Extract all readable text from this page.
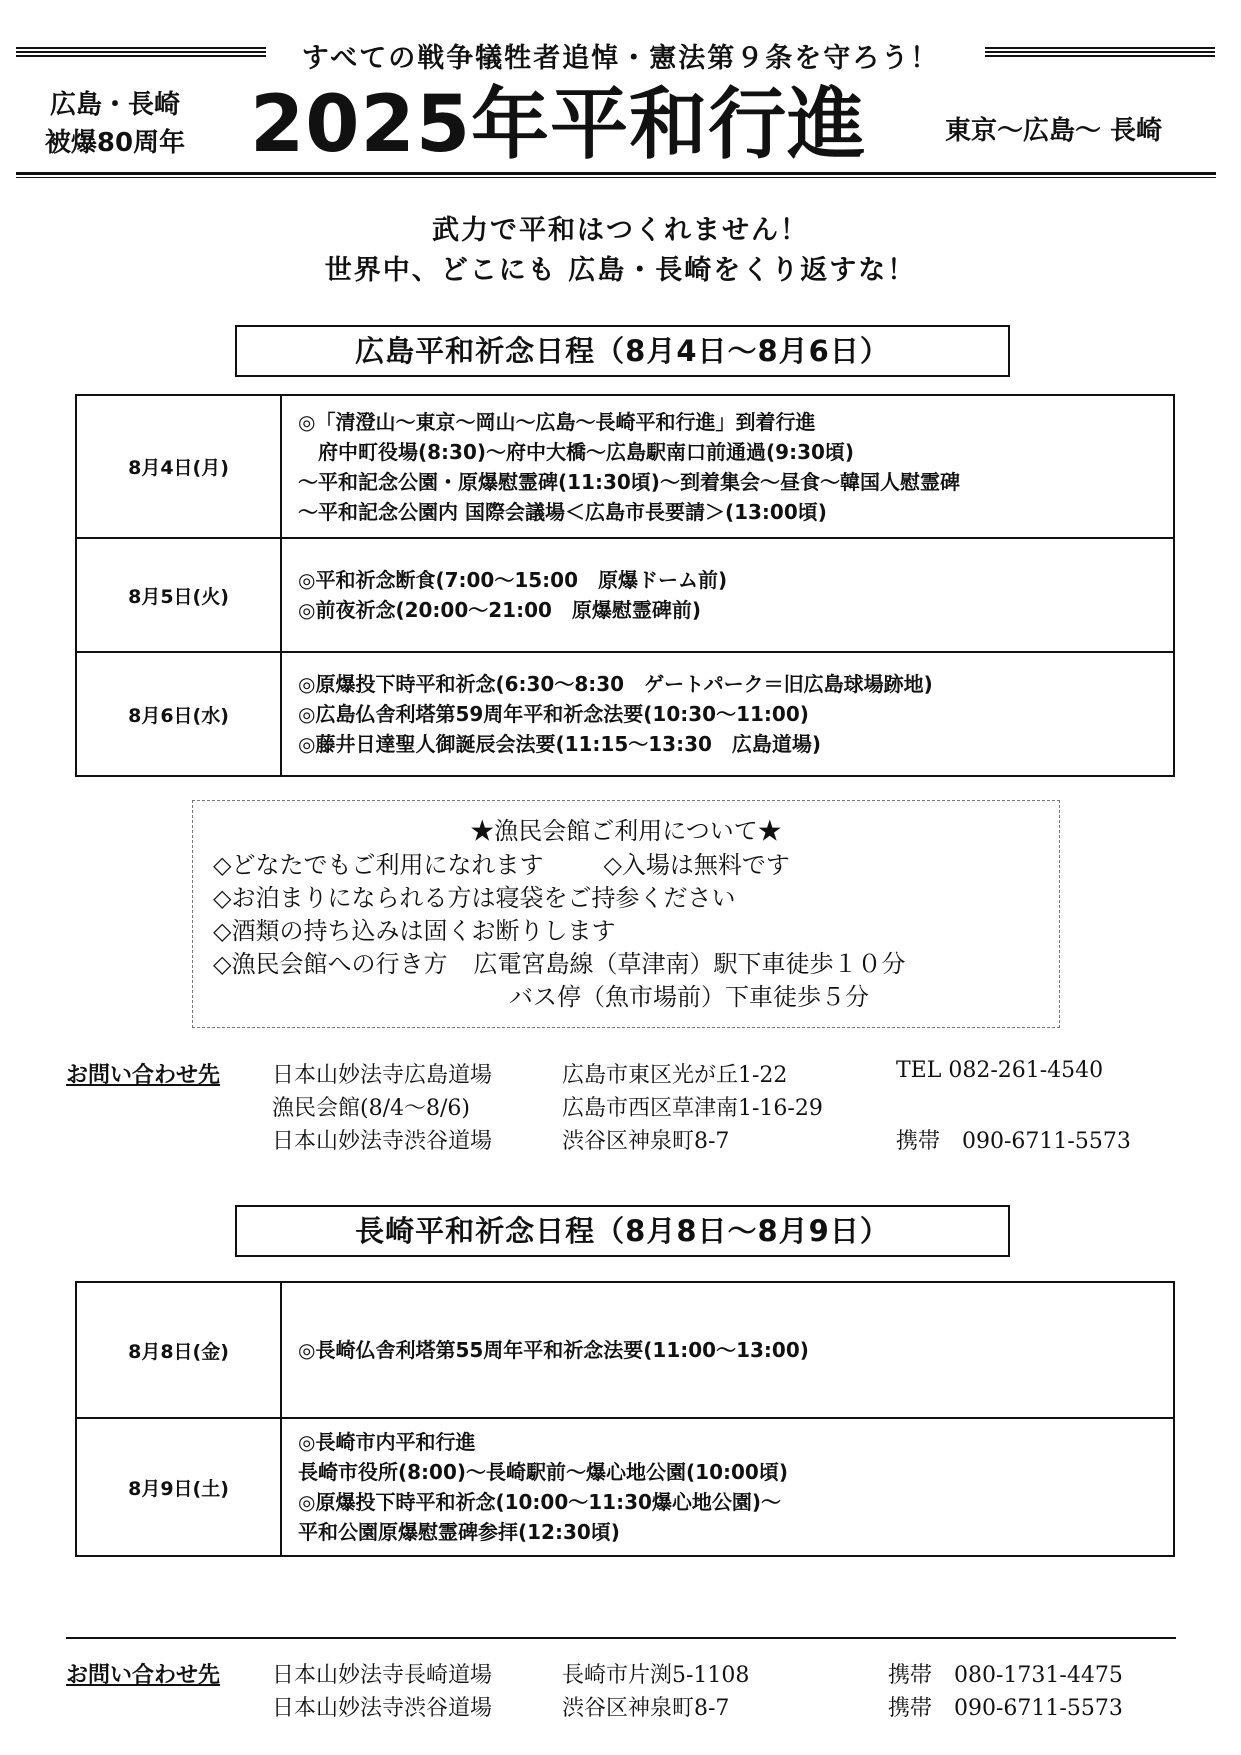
すべての戦争犠牲者追悼・憲法第９条を守ろう！
広島・長崎
被爆80周年 2025年平和行進	東京〜広島〜 長崎
武力で平和はつくれません！
世界中、どこにも 広島・長崎をくり返すな！
広島平和祈念日程（8月4日〜8月6日）
8月4日(月)	◎「清澄山〜東京〜岡山〜広島〜長崎平和行進」到着行進
　府中町役場(8:30)〜府中大橋〜広島駅南口前通過(9:30頃)
〜平和記念公園・原爆慰霊碑(11:30頃)〜到着集会〜昼食〜韓国人慰霊碑
〜平和記念公園内 国際会議場＜広島市長要請＞(13:00頃)

8月5日(火)	◎平和祈念断食(7:00〜15:00　原爆ドーム前)
◎前夜祈念(20:00〜21:00　原爆慰霊碑前)

8月6日(水)	◎原爆投下時平和祈念(6:30〜8:30　ゲートパーク＝旧広島球場跡地)
◎広島仏舎利塔第59周年平和祈念法要(10:30〜11:00)
◎藤井日達聖人御誕辰会法要(11:15〜13:30　広島道場)
★漁民会館ご利用について★
◇どなたでもご利用になれます	◇入場は無料です
◇お泊まりになられる方は寝袋をご持参ください
◇酒類の持ち込みは固くお断りします
◇漁民会館への行き方 広電宮島線（草津南）駅下車徒歩１０分
バス停（魚市場前）下車徒歩５分
お問い合わせ先 日本山妙法寺広島道場	広島市東区光が丘1-22	TEL 082-261-4540
漁民会館(8/4〜8/6)	広島市西区草津南1-16-29
日本山妙法寺渋谷道場	渋谷区神泉町8-7	携帯　090-6711-5573
長崎平和祈念日程（8月8日〜8月9日）
8月8日(金)	◎長崎仏舎利塔第55周年平和祈念法要(11:00〜13:00)

8月9日(土)	◎長崎市内平和行進
長崎市役所(8:00)〜長崎駅前〜爆心地公園(10:00頃)
◎原爆投下時平和祈念(10:00〜11:30爆心地公園)〜
平和公園原爆慰霊碑参拝(12:30頃)
お問い合わせ先 日本山妙法寺長崎道場	長崎市片渕5-1108	携帯　080-1731-4475
日本山妙法寺渋谷道場	渋谷区神泉町8-7	携帯　090-6711-5573
